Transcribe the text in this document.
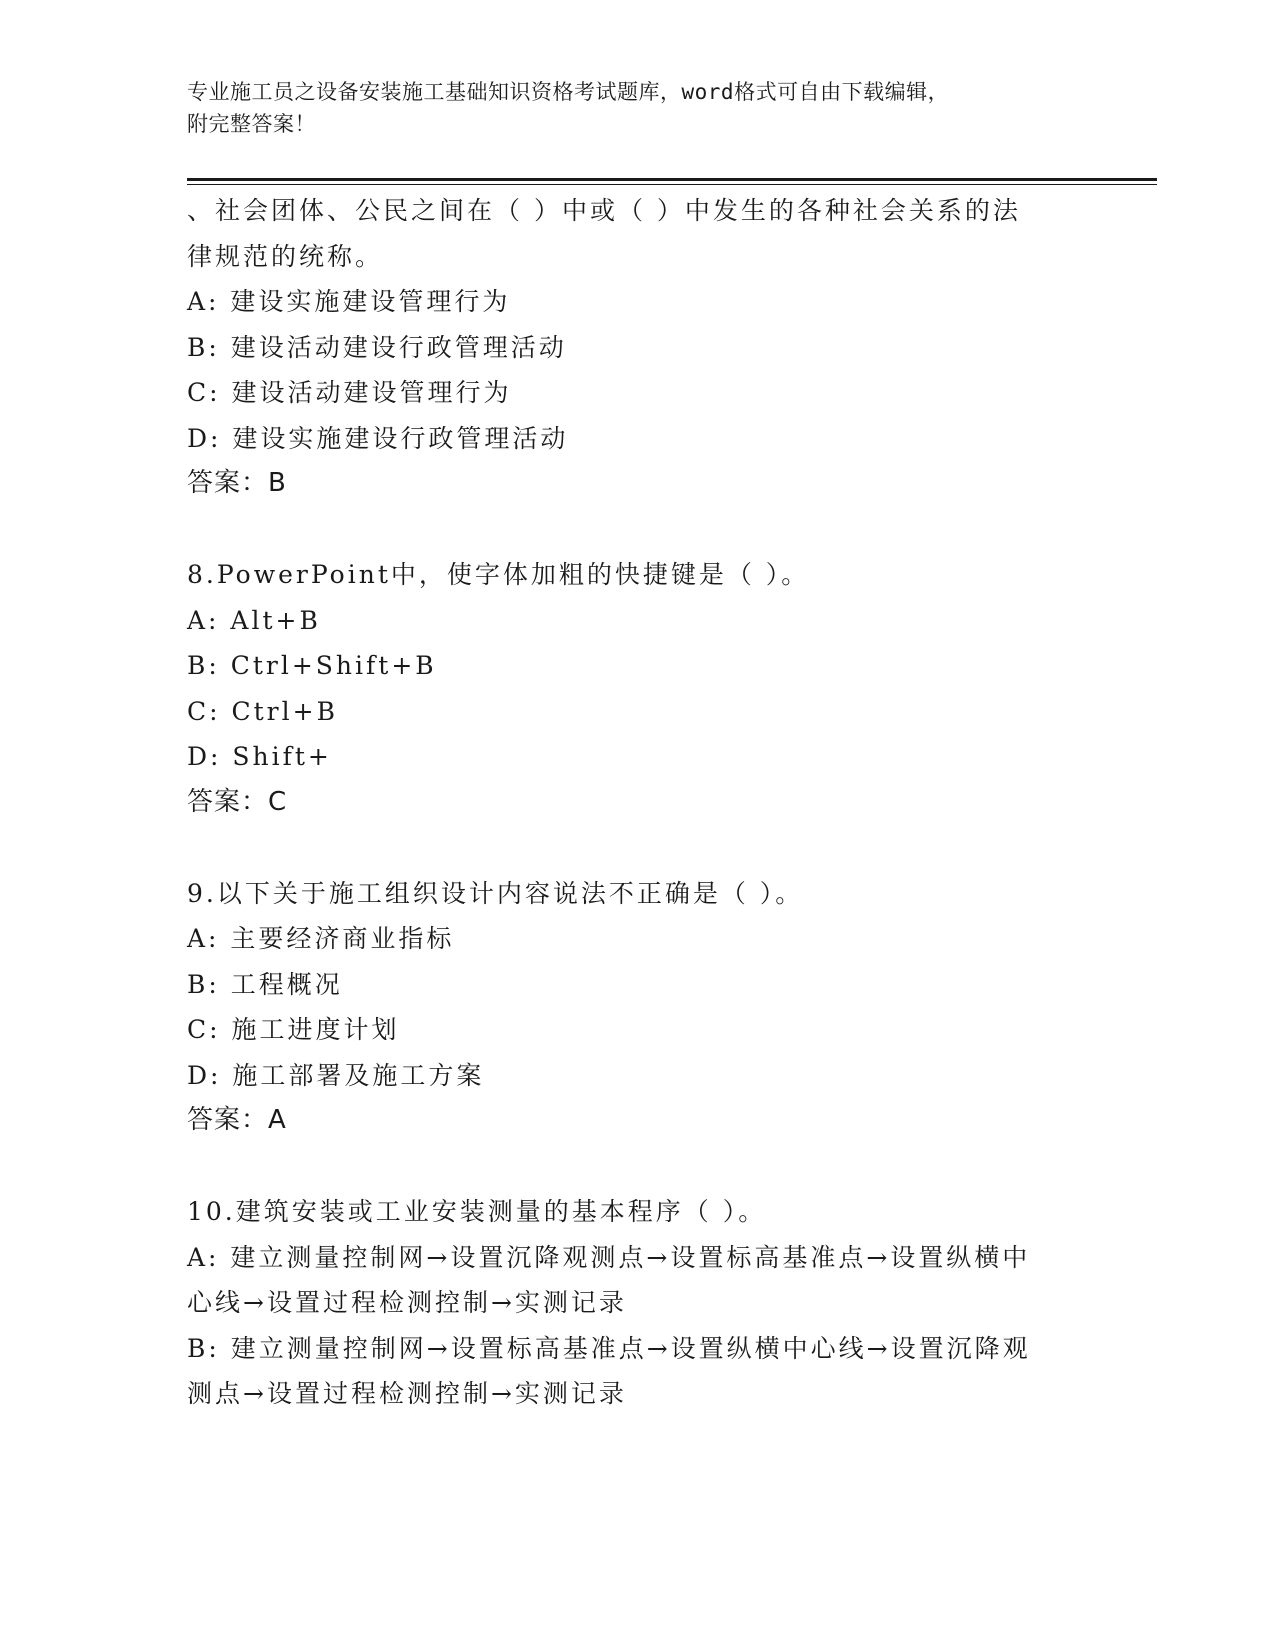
专业施工员之设备安装施工基础知识资格考试题库，word格式可自由下载编辑，
附完整答案！
、社会团体、公民之间在（ ）中或（ ）中发生的各种社会关系的法
律规范的统称。
A: 建设实施建设管理行为
B: 建设活动建设行政管理活动
C: 建设活动建设管理行为
D: 建设实施建设行政管理活动
答案：B
8.PowerPoint中，使字体加粗的快捷键是（ ）。
A: Alt+B
B: Ctrl+Shift+B
C: Ctrl+B
D: Shift+
答案：C
9.以下关于施工组织设计内容说法不正确是（ ）。
A: 主要经济商业指标
B: 工程概况
C: 施工进度计划
D: 施工部署及施工方案
答案：A
10.建筑安装或工业安装测量的基本程序（ ）。
A: 建立测量控制网→设置沉降观测点→设置标高基准点→设置纵横中
心线→设置过程检测控制→实测记录
B: 建立测量控制网→设置标高基准点→设置纵横中心线→设置沉降观
测点→设置过程检测控制→实测记录
